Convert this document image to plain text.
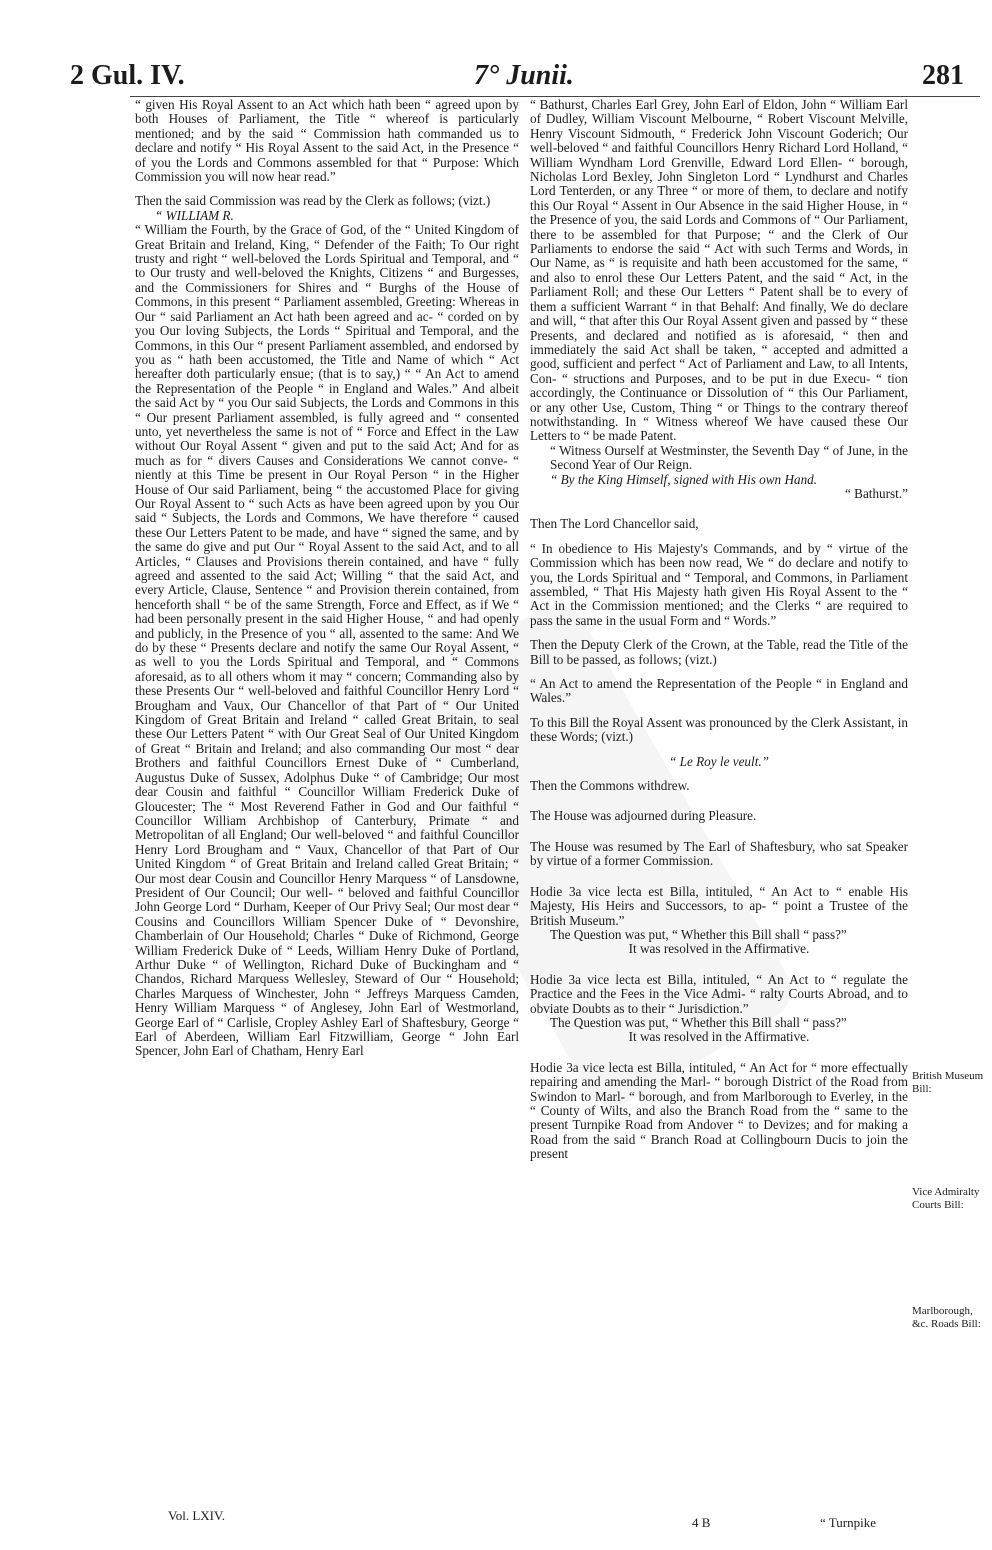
2 Gul. IV.	7° Junii.	281

“ given His Royal Assent to an Act which hath been “ agreed upon by both Houses of Parliament, the Title “ whereof is particularly mentioned; and by the said “ Commission hath commanded us to declare and notify “ His Royal Assent to the said Act, in the Presence “ of you the Lords and Commons assembled for that “ Purpose: Which Commission you will now hear read.”

Then the said Commission was read by the Clerk as follows; (vizt.)

“ WILLIAM R.

“ William the Fourth, by the Grace of God, of the “ United Kingdom of Great Britain and Ireland, King, “ Defender of the Faith; To Our right trusty and right “ well-beloved the Lords Spiritual and Temporal, and “ to Our trusty and well-beloved the Knights, Citizens “ and Burgesses, and the Commissioners for Shires and “ Burghs of the House of Commons, in this present “ Parliament assembled, Greeting: Whereas in Our “ said Parliament an Act hath been agreed and ac- “ corded on by you Our loving Subjects, the Lords “ Spiritual and Temporal, and the Commons, in this Our “ present Parliament assembled, and endorsed by you as “ hath been accustomed, the Title and Name of which “ Act hereafter doth particularly ensue; (that is to say,) “ “ An Act to amend the Representation of the People “ in England and Wales.” And albeit the said Act by “ you Our said Subjects, the Lords and Commons in this “ Our present Parliament assembled, is fully agreed and “ consented unto, yet nevertheless the same is not of “ Force and Effect in the Law without Our Royal Assent “ given and put to the said Act; And for as much as for “ divers Causes and Considerations We cannot conve- “ niently at this Time be present in Our Royal Person “ in the Higher House of Our said Parliament, being “ the accustomed Place for giving Our Royal Assent to “ such Acts as have been agreed upon by you Our said “ Subjects, the Lords and Commons, We have therefore “ caused these Our Letters Patent to be made, and have “ signed the same, and by the same do give and put Our “ Royal Assent to the said Act, and to all Articles, “ Clauses and Provisions therein contained, and have “ fully agreed and assented to the said Act; Willing “ that the said Act, and every Article, Clause, Sentence “ and Provision therein contained, from henceforth shall “ be of the same Strength, Force and Effect, as if We “ had been personally present in the said Higher House, “ and had openly and publicly, in the Presence of you “ all, assented to the same: And We do by these “ Presents declare and notify the same Our Royal Assent, “ as well to you the Lords Spiritual and Temporal, and “ Commons aforesaid, as to all others whom it may “ concern; Commanding also by these Presents Our “ well-beloved and faithful Councillor Henry Lord “ Brougham and Vaux, Our Chancellor of that Part of “ Our United Kingdom of Great Britain and Ireland “ called Great Britain, to seal these Our Letters Patent “ with Our Great Seal of Our United Kingdom of Great “ Britain and Ireland; and also commanding Our most “ dear Brothers and faithful Councillors Ernest Duke of “ Cumberland, Augustus Duke of Sussex, Adolphus Duke “ of Cambridge; Our most dear Cousin and faithful “ Councillor William Frederick Duke of Gloucester; The “ Most Reverend Father in God and Our faithful “ Councillor William Archbishop of Canterbury, Primate “ and Metropolitan of all England; Our well-beloved “ and faithful Councillor Henry Lord Brougham and “ Vaux, Chancellor of that Part of Our United Kingdom “ of Great Britain and Ireland called Great Britain; “ Our most dear Cousin and Councillor Henry Marquess “ of Lansdowne, President of Our Council; Our well- “ beloved and faithful Councillor John George Lord “ Durham, Keeper of Our Privy Seal; Our most dear “ Cousins and Councillors William Spencer Duke of “ Devonshire, Chamberlain of Our Household; Charles “ Duke of Richmond, George William Frederick Duke of “ Leeds, William Henry Duke of Portland, Arthur Duke “ of Wellington, Richard Duke of Buckingham and “ Chandos, Richard Marquess Wellesley, Steward of Our “ Household; Charles Marquess of Winchester, John “ Jeffreys Marquess Camden, Henry William Marquess “ of Anglesey, John Earl of Westmorland, George Earl of “ Carlisle, Cropley Ashley Earl of Shaftesbury, George “ Earl of Aberdeen, William Earl Fitzwilliam, George “ John Earl Spencer, John Earl of Chatham, Henry Earl

“ Bathurst, Charles Earl Grey, John Earl of Eldon, John “ William Earl of Dudley, William Viscount Melbourne, “ Robert Viscount Melville, Henry Viscount Sidmouth, “ Frederick John Viscount Goderich; Our well-beloved “ and faithful Councillors Henry Richard Lord Holland, “ William Wyndham Lord Grenville, Edward Lord Ellen- “ borough, Nicholas Lord Bexley, John Singleton Lord “ Lyndhurst and Charles Lord Tenterden, or any Three “ or more of them, to declare and notify this Our Royal “ Assent in Our Absence in the said Higher House, in “ the Presence of you, the said Lords and Commons of “ Our Parliament, there to be assembled for that Purpose; “ and the Clerk of Our Parliaments to endorse the said “ Act with such Terms and Words, in Our Name, as “ is requisite and hath been accustomed for the same, “ and also to enrol these Our Letters Patent, and the said “ Act, in the Parliament Roll; and these Our Letters “ Patent shall be to every of them a sufficient Warrant “ in that Behalf: And finally, We do declare and will, “ that after this Our Royal Assent given and passed by “ these Presents, and declared and notified as is aforesaid, “ then and immediately the said Act shall be taken, “ accepted and admitted a good, sufficient and perfect “ Act of Parliament and Law, to all Intents, Con- “ structions and Purposes, and to be put in due Execu- “ tion accordingly, the Continuance or Dissolution of “ this Our Parliament, or any other Use, Custom, Thing “ or Things to the contrary thereof notwithstanding. In “ Witness whereof We have caused these Our Letters to “ be made Patent.

“ Witness Ourself at Westminster, the Seventh Day “ of June, in the Second Year of Our Reign.

“ By the King Himself, signed with His own Hand.

“ Bathurst.”

Then The Lord Chancellor said,

“ In obedience to His Majesty's Commands, and by “ virtue of the Commission which has been now read, We “ do declare and notify to you, the Lords Spiritual and “ Temporal, and Commons, in Parliament assembled, “ That His Majesty hath given His Royal Assent to the “ Act in the Commission mentioned; and the Clerks “ are required to pass the same in the usual Form and “ Words.”

Then the Deputy Clerk of the Crown, at the Table, read the Title of the Bill to be passed, as follows; (vizt.)

“ An Act to amend the Representation of the People “ in England and Wales.”

To this Bill the Royal Assent was pronounced by the Clerk Assistant, in these Words; (vizt.)

“ Le Roy le veult.”

Then the Commons withdrew.

The House was adjourned during Pleasure.

The House was resumed by The Earl of Shaftesbury, who sat Speaker by virtue of a former Commission.

Hodie 3a vice lecta est Billa, intituled, “ An Act to “ enable His Majesty, His Heirs and Successors, to ap- “ point a Trustee of the British Museum.”

The Question was put, “ Whether this Bill shall “ pass?”

It was resolved in the Affirmative.

Hodie 3a vice lecta est Billa, intituled, “ An Act to “ regulate the Practice and the Fees in the Vice Admi- “ ralty Courts Abroad, and to obviate Doubts as to their “ Jurisdiction.”

The Question was put, “ Whether this Bill shall “ pass?”

It was resolved in the Affirmative.

Hodie 3a vice lecta est Billa, intituled, “ An Act for “ more effectually repairing and amending the Marl- “ borough District of the Road from Swindon to Marl- “ borough, and from Marlborough to Everley, in the “ County of Wilts, and also the Branch Road from the “ same to the present Turnpike Road from Andover “ to Devizes; and for making a Road from the said “ Branch Road at Collingbourn Ducis to join the present

British Museum Bill:
Vice Admiralty Courts Bill:
Marlborough, &c. Roads Bill:
Vol. LXIV.	4 B	“ Turnpike
